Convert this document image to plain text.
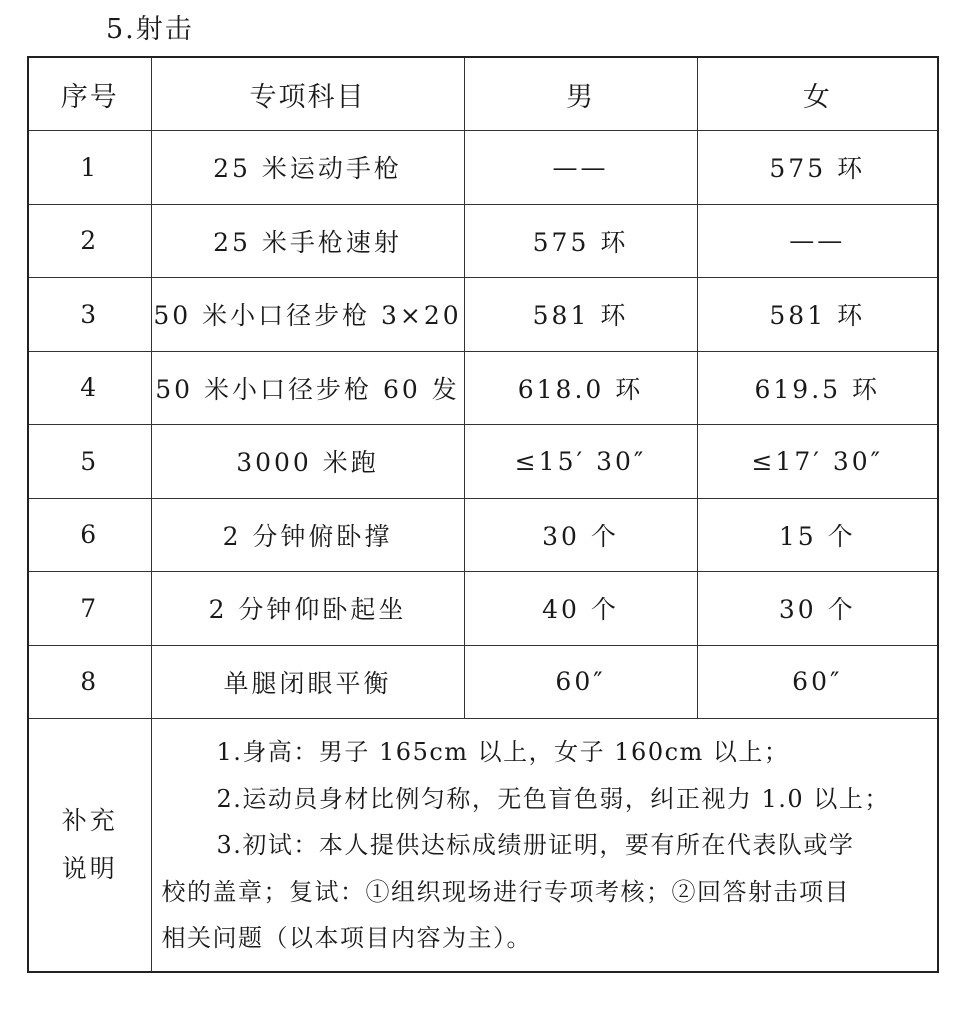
5.射击
序号	专项科目	男	女
1	25 米运动手枪	——	575 环
2	25 米手枪速射	575 环	——
3	50 米小口径步枪 3×20	581 环	581 环
4	50 米小口径步枪 60 发	618.0 环	619.5 环
5	3000 米跑	≤15′ 30″	≤17′ 30″
6	2 分钟俯卧撑	30 个	15 个
7	2 分钟仰卧起坐	40 个	30 个
8	单腿闭眼平衡	60″	60″

补充
说明	1.身高：男子 165cm 以上，女子 160cm 以上；
2.运动员身材比例匀称，无色盲色弱，纠正视力 1.0 以上；
3.初试：本人提供达标成绩册证明，要有所在代表队或学
校的盖章；复试：①组织现场进行专项考核；②回答射击项目
相关问题（以本项目内容为主）。		
